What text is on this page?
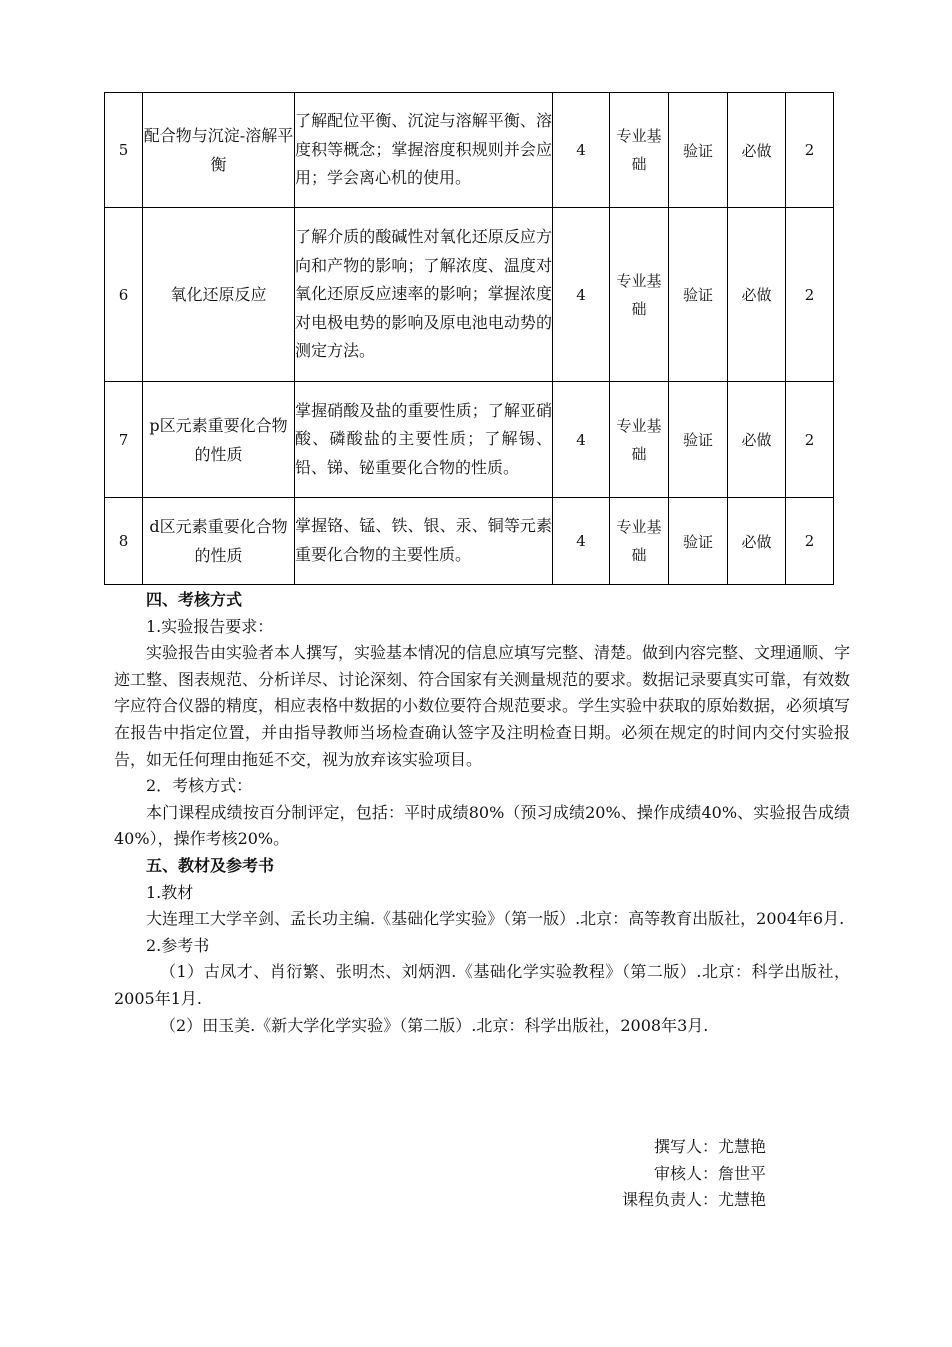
5	配合物与沉淀-溶解平衡	了解配位平衡、沉淀与溶解平衡、溶度积等概念；掌握溶度积规则并会应用；学会离心机的使用。	4	专业基础	验证	必做	2
6	氧化还原反应	了解介质的酸碱性对氧化还原反应方向和产物的影响；了解浓度、温度对氧化还原反应速率的影响；掌握浓度对电极电势的影响及原电池电动势的测定方法。	4	专业基础	验证	必做	2
7	p区元素重要化合物的性质	掌握硝酸及盐的重要性质；了解亚硝酸、磷酸盐的主要性质；了解锡、铅、锑、铋重要化合物的性质。	4	专业基础	验证	必做	2
8	d区元素重要化合物的性质	掌握铬、锰、铁、银、汞、铜等元素重要化合物的主要性质。	4	专业基础	验证	必做	2

四、考核方式

1.实验报告要求：

实验报告由实验者本人撰写，实验基本情况的信息应填写完整、清楚。做到内容完整、文理通顺、字迹工整、图表规范、分析详尽、讨论深刻、符合国家有关测量规范的要求。数据记录要真实可靠，有效数字应符合仪器的精度，相应表格中数据的小数位要符合规范要求。学生实验中获取的原始数据，必须填写在报告中指定位置，并由指导教师当场检查确认签字及注明检查日期。必须在规定的时间内交付实验报告，如无任何理由拖延不交，视为放弃该实验项目。

2．考核方式：

本门课程成绩按百分制评定，包括：平时成绩80%（预习成绩20%、操作成绩40%、实验报告成绩40%），操作考核20%。

五、教材及参考书

1.教材

大连理工大学辛剑、孟长功主编.《基础化学实验》（第一版）.北京：高等教育出版社，2004年6月.

2.参考书

（1）古凤才、肖衍繁、张明杰、刘炳泗.《基础化学实验教程》（第二版）.北京：科学出版社，2005年1月.

（2）田玉美.《新大学化学实验》（第二版）.北京：科学出版社，2008年3月.

撰写人：尤慧艳
审核人：詹世平
课程负责人：尤慧艳
